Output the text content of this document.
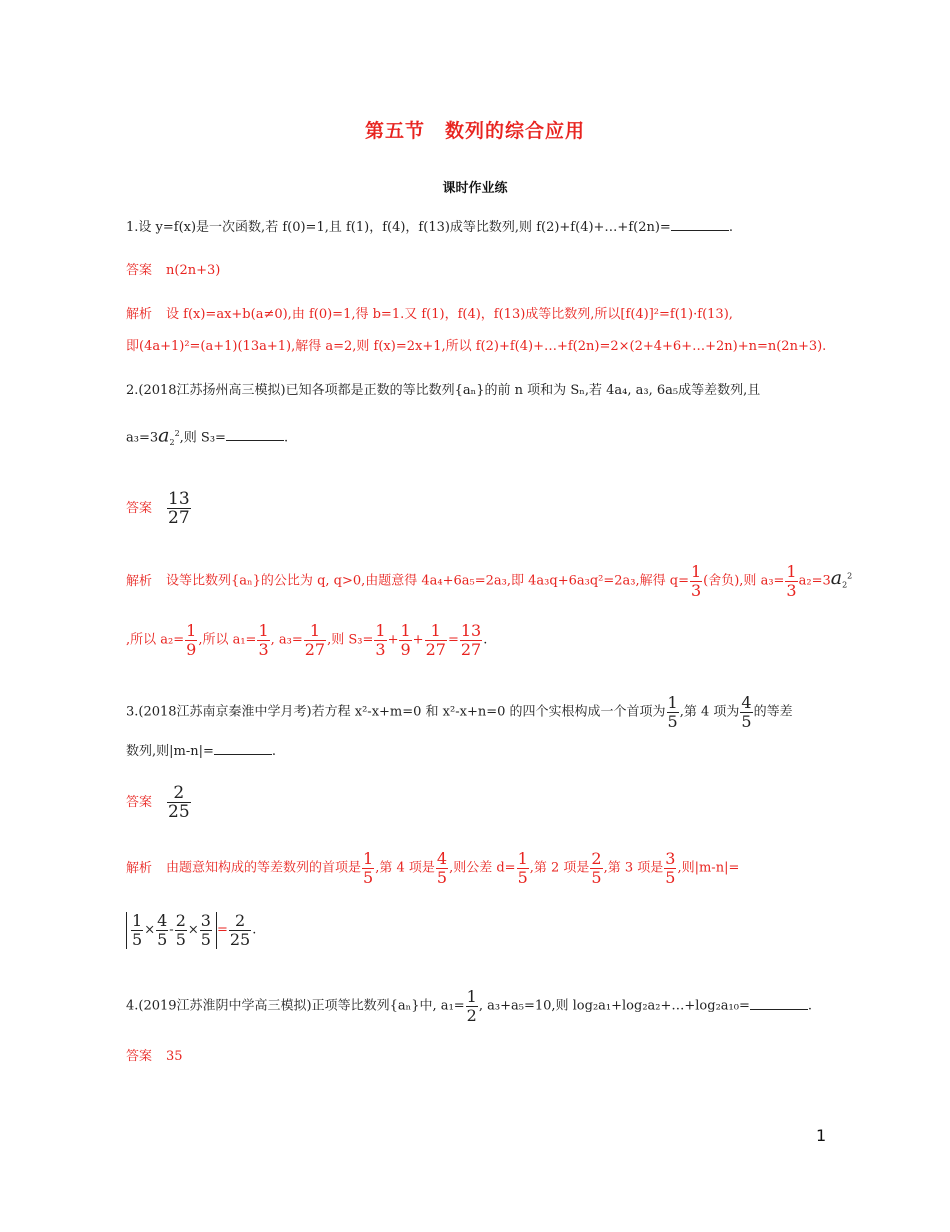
第五节　数列的综合应用
课时作业练
1.设 y=f(x)是一次函数,若 f(0)=1,且 f(1)，f(4)，f(13)成等比数列,则 f(2)+f(4)+…+f(2n)=	.
答案 n(2n+3)
解析 设 f(x)=ax+b(a≠0),由 f(0)=1,得 b=1.又 f(1)，f(4)，f(13)成等比数列,所以[f(4)]²=f(1)·f(13),
即(4a+1)²=(a+1)(13a+1),解得 a=2,则 f(x)=2x+1,所以 f(2)+f(4)+…+f(2n)=2×(2+4+6+…+2n)+n=n(2n+3).
2.(2018江苏扬州高三模拟)已知各项都是正数的等比数列{aₙ}的前 n 项和为 Sₙ,若 4a₄, a₃, 6a₅成等差数列,且
$a_3=3a_2^2$,则 S₃=	.
答案 $\frac{13}{27}$
解析 设等比数列{aₙ}的公比为 q, q>0,由题意得 4a₄+6a₅=2a₃,即 4a₃q+6a₃q²=2a₃,解得 $q= \frac{1}{3}$ (舍负),则 $a_3= \frac{1}{3} a_2=3a_2^2$
,所以 $a_2= \frac{1}{9}$ ,所以 $a_1= \frac{1}{3}$ , $a_3= \frac{1}{27}$ ,则 $S_3= \frac{1}{3} + \frac{1}{9} + \frac{1}{27} = \frac{13}{27}$ .
3.(2018江苏南京秦淮中学月考)若方程 x²-x+m=0 和 x²-x+n=0 的四个实根构成一个首项为 $\frac{1}{5}$ ,第 4 项为 $\frac{4}{5}$ 的等差
数列,则|m-n|=	.
答案 $\frac{2}{25}$
解析 由题意知构成的等差数列的首项是 $\frac{1}{5}$ ,第 4 项是 $\frac{4}{5}$ ,则公差 $d= \frac{1}{5}$ ,第 2 项是 $\frac{2}{5}$ ,第 3 项是 $\frac{3}{5}$ ,则|m-n|=
$\frac{1}{5} \times \frac{4}{5} - \frac{2}{5} \times \frac{3}{5} = \frac{2}{25}$ .
4.(2019江苏淮阴中学高三模拟)正项等比数列{aₙ}中, $a_1= \frac{1}{2}$ , a₃+a₅=10,则 log₂a₁+log₂a₂+…+log₂a₁₀=	.
答案 35
1
